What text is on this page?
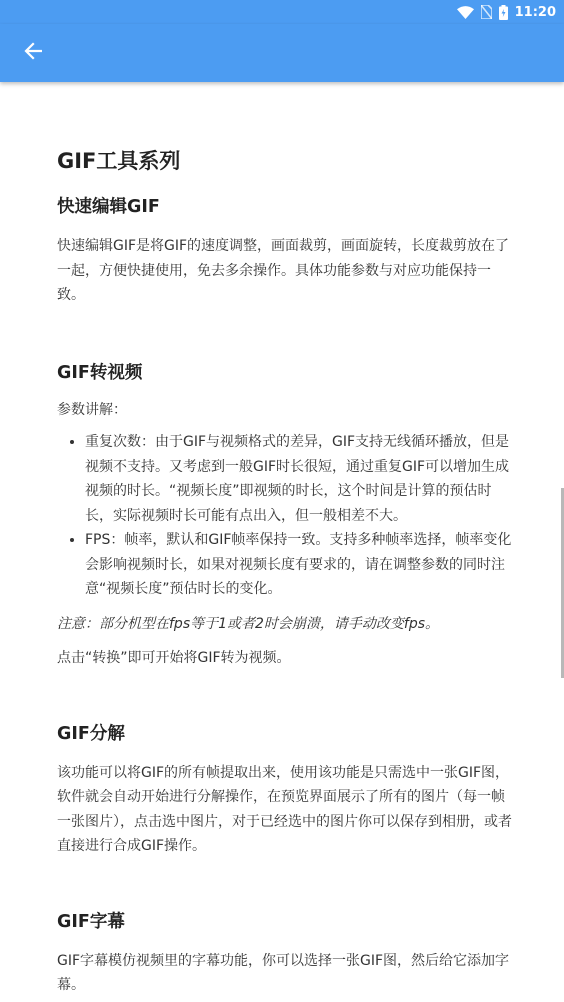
11:20
GIF工具系列
快速编辑GIF

快速编辑GIF是将GIF的速度调整，画面裁剪，画面旋转，长度裁剪放在了一起，方便快捷使用，免去多余操作。具体功能参数与对应功能保持一致。

GIF转视频

参数讲解：

• 重复次数：由于GIF与视频格式的差异，GIF支持无线循环播放，但是视频不支持。又考虑到一般GIF时长很短，通过重复GIF可以增加生成视频的时长。“视频长度”即视频的时长，这个时间是计算的预估时长，实际视频时长可能有点出入，但一般相差不大。
• FPS：帧率，默认和GIF帧率保持一致。支持多种帧率选择，帧率变化会影响视频时长，如果对视频长度有要求的，请在调整参数的同时注意“视频长度”预估时长的变化。

注意：部分机型在fps等于1或者2时会崩溃，请手动改变fps。

点击“转换”即可开始将GIF转为视频。

GIF分解

该功能可以将GIF的所有帧提取出来，使用该功能是只需选中一张GIF图，软件就会自动开始进行分解操作，在预览界面展示了所有的图片（每一帧一张图片），点击选中图片，对于已经选中的图片你可以保存到相册，或者直接进行合成GIF操作。

GIF字幕

GIF字幕模仿视频里的字幕功能，你可以选择一张GIF图，然后给它添加字幕。
